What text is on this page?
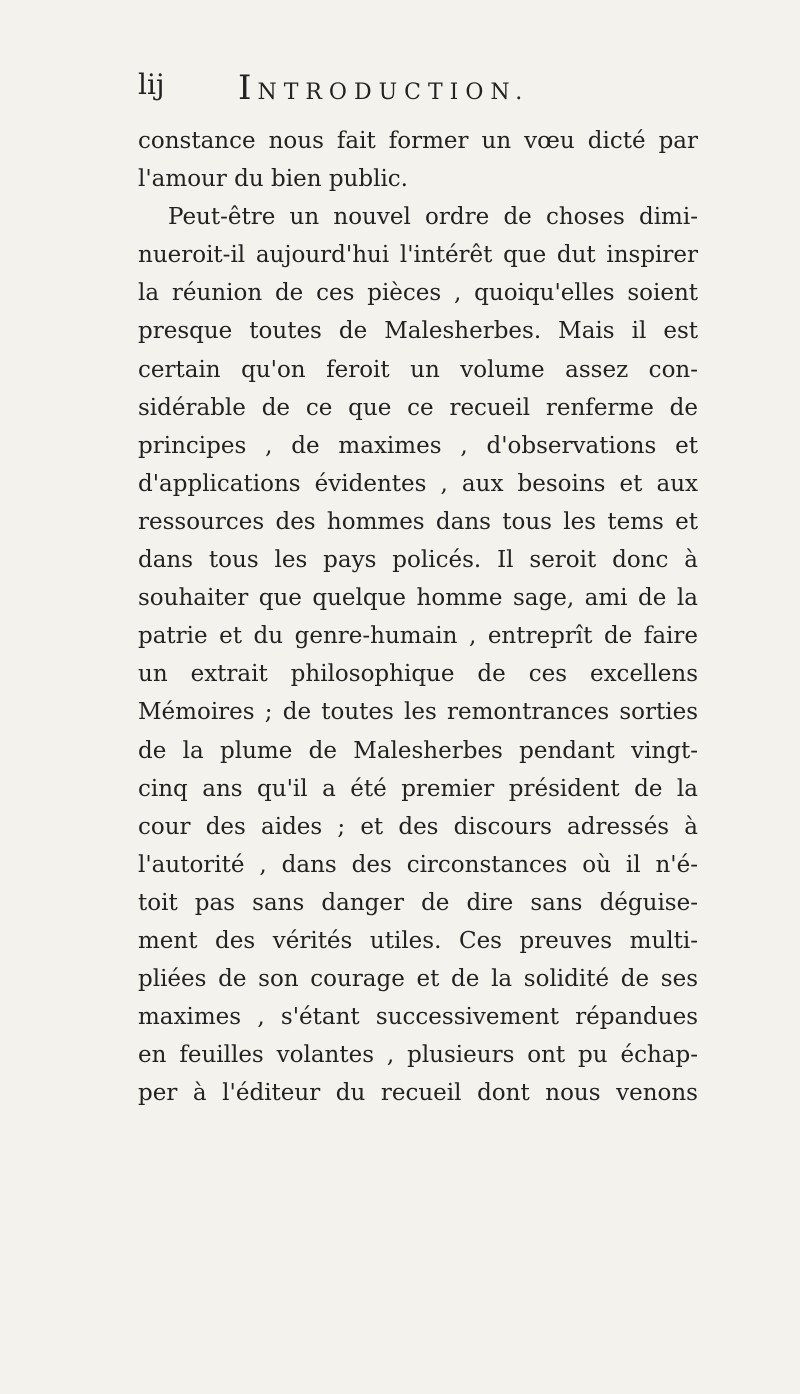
lij INTRODUCTION.
constance nous fait former un vœu dicté par
l'amour du bien public.
Peut-être un nouvel ordre de choses dimi-
nueroit-il aujourd'hui l'intérêt que dut inspirer
la réunion de ces pièces , quoiqu'elles soient
presque toutes de Malesherbes. Mais il est
certain qu'on feroit un volume assez con-
sidérable de ce que ce recueil renferme de
principes , de maximes , d'observations et
d'applications évidentes , aux besoins et aux
ressources des hommes dans tous les tems et
dans tous les pays policés. Il seroit donc à
souhaiter que quelque homme sage, ami de la
patrie et du genre-humain , entreprît de faire
un extrait philosophique de ces excellens
Mémoires ; de toutes les remontrances sorties
de la plume de Malesherbes pendant vingt-
cinq ans qu'il a été premier président de la
cour des aides ; et des discours adressés à
l'autorité , dans des circonstances où il n'é-
toit pas sans danger de dire sans déguise-
ment des vérités utiles. Ces preuves multi-
pliées de son courage et de la solidité de ses
maximes , s'étant successivement répandues
en feuilles volantes , plusieurs ont pu échap-
per à l'éditeur du recueil dont nous venons
